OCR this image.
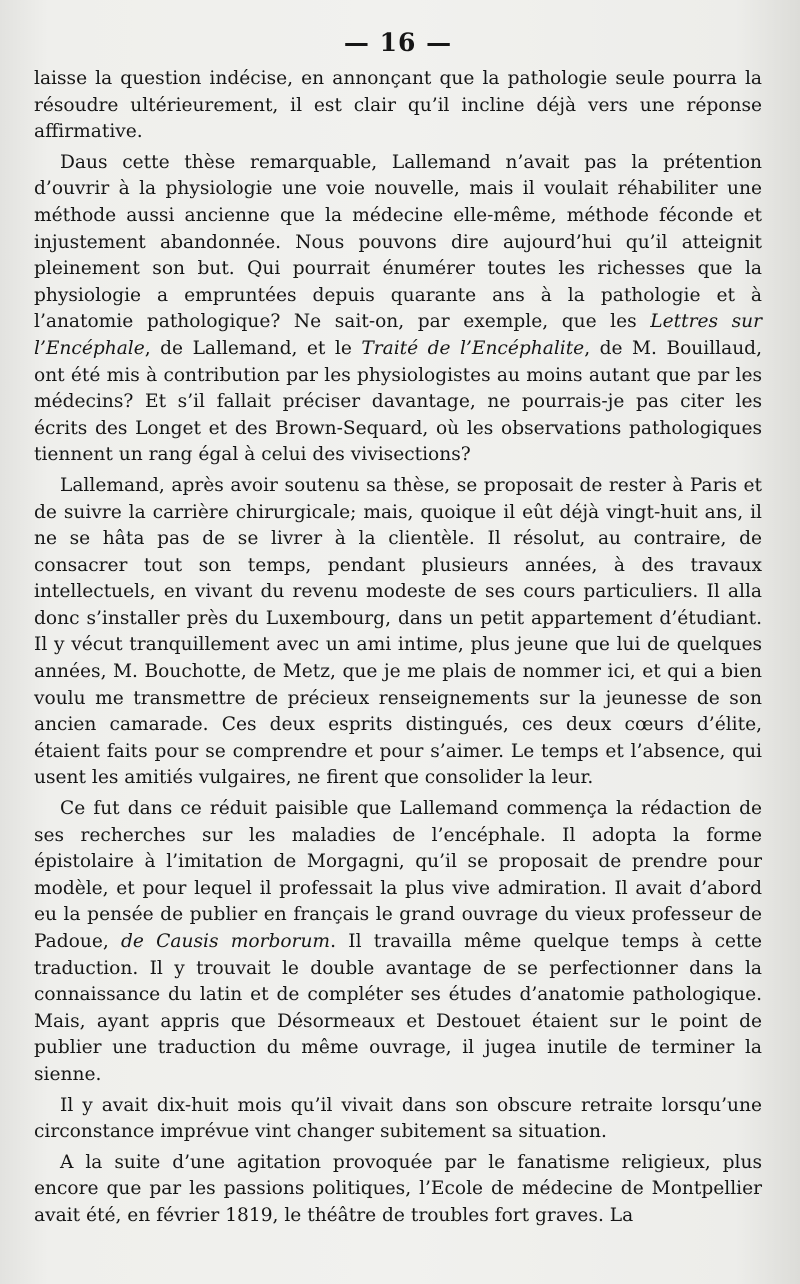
— 16 —

laisse la question indécise, en annonçant que la pathologie seule pourra la résoudre ultérieurement, il est clair qu’il incline déjà vers une réponse affirmative.

Daus cette thèse remarquable, Lallemand n’avait pas la prétention d’ouvrir à la physiologie une voie nouvelle, mais il voulait réhabiliter une méthode aussi ancienne que la médecine elle-même, méthode féconde et injustement abandonnée. Nous pouvons dire aujourd’hui qu’il atteignit pleinement son but. Qui pourrait énumérer toutes les richesses que la physiologie a empruntées depuis quarante ans à la pathologie et à l’anatomie pathologique? Ne sait-on, par exemple, que les Lettres sur l’Encéphale, de Lallemand, et le Traité de l’Encéphalite, de M. Bouillaud, ont été mis à contribution par les physiologistes au moins autant que par les médecins? Et s’il fallait préciser davantage, ne pourrais-je pas citer les écrits des Longet et des Brown-Sequard, où les observations pathologiques tiennent un rang égal à celui des vivisections?

Lallemand, après avoir soutenu sa thèse, se proposait de rester à Paris et de suivre la carrière chirurgicale; mais, quoique il eût déjà vingt-huit ans, il ne se hâta pas de se livrer à la clientèle. Il résolut, au contraire, de consacrer tout son temps, pendant plusieurs années, à des travaux intellectuels, en vivant du revenu modeste de ses cours particuliers. Il alla donc s’installer près du Luxembourg, dans un petit appartement d’étudiant. Il y vécut tranquillement avec un ami intime, plus jeune que lui de quelques années, M. Bouchotte, de Metz, que je me plais de nommer ici, et qui a bien voulu me transmettre de précieux renseignements sur la jeunesse de son ancien camarade. Ces deux esprits distingués, ces deux cœurs d’élite, étaient faits pour se comprendre et pour s’aimer. Le temps et l’absence, qui usent les amitiés vulgaires, ne firent que consolider la leur.

Ce fut dans ce réduit paisible que Lallemand commença la rédaction de ses recherches sur les maladies de l’encéphale. Il adopta la forme épistolaire à l’imitation de Morgagni, qu’il se proposait de prendre pour modèle, et pour lequel il professait la plus vive admiration. Il avait d’abord eu la pensée de publier en français le grand ouvrage du vieux professeur de Padoue, de Causis morborum. Il travailla même quelque temps à cette traduction. Il y trouvait le double avantage de se perfectionner dans la connaissance du latin et de compléter ses études d’anatomie pathologique. Mais, ayant appris que Désormeaux et Destouet étaient sur le point de publier une traduction du même ouvrage, il jugea inutile de terminer la sienne.

Il y avait dix-huit mois qu’il vivait dans son obscure retraite lorsqu’une circonstance imprévue vint changer subitement sa situation.

A la suite d’une agitation provoquée par le fanatisme religieux, plus encore que par les passions politiques, l’Ecole de médecine de Montpellier avait été, en février 1819, le théâtre de troubles fort graves. La
